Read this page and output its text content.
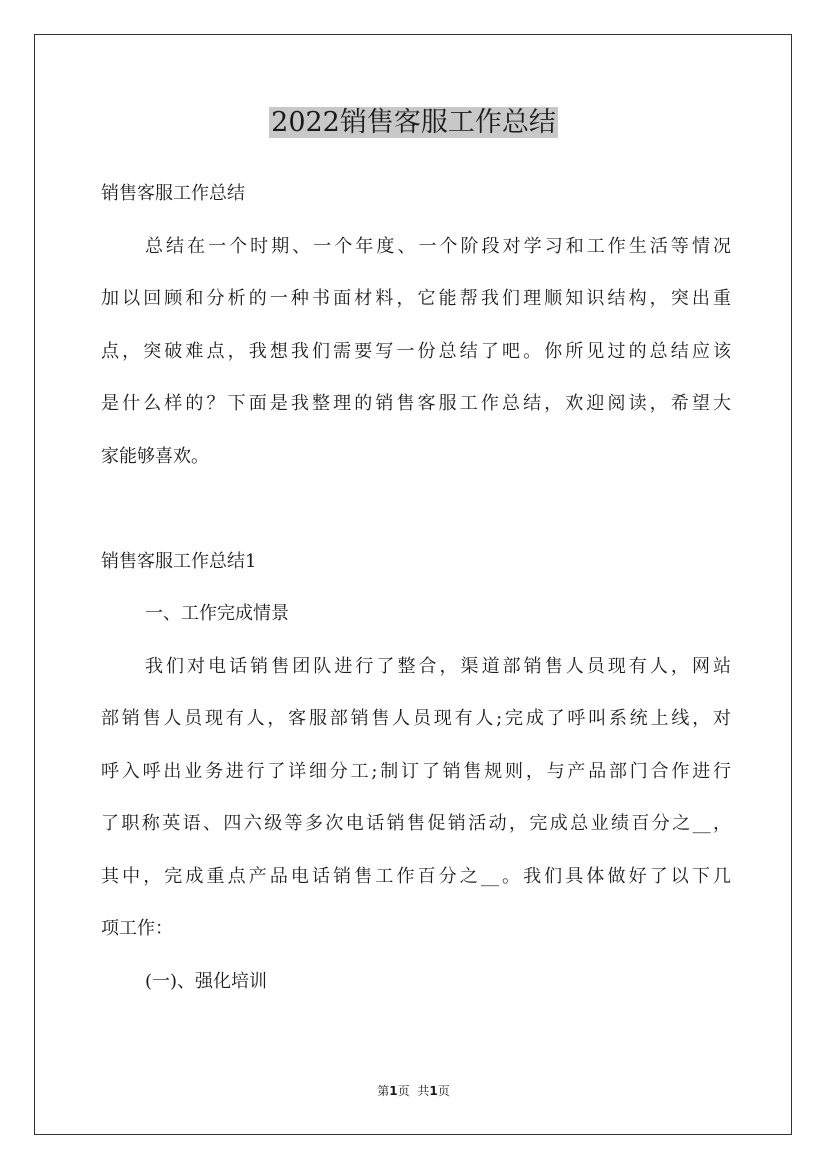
2022销售客服工作总结
销售客服工作总结
总结在一个时期、一个年度、一个阶段对学习和工作生活等情况
加以回顾和分析的一种书面材料，它能帮我们理顺知识结构，突出重
点，突破难点，我想我们需要写一份总结了吧。你所见过的总结应该
是什么样的？下面是我整理的销售客服工作总结，欢迎阅读，希望大
家能够喜欢。
销售客服工作总结1
一、工作完成情景
我们对电话销售团队进行了整合，渠道部销售人员现有人，网站
部销售人员现有人，客服部销售人员现有人;完成了呼叫系统上线，对
呼入呼出业务进行了详细分工;制订了销售规则，与产品部门合作进行
了职称英语、四六级等多次电话销售促销活动，完成总业绩百分之__，
其中，完成重点产品电话销售工作百分之__。我们具体做好了以下几
项工作：
(一)、强化培训
第1页 共1页
